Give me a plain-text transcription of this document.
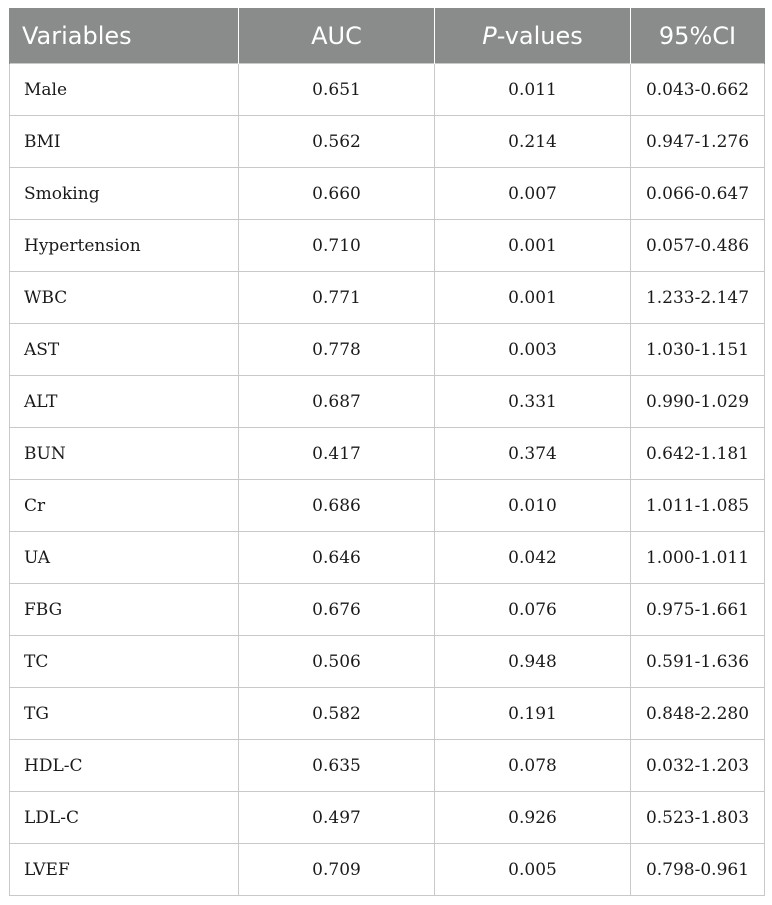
Variables	AUC	P-values	95%CI
Male	0.651	0.011	0.043-0.662
BMI	0.562	0.214	0.947-1.276
Smoking	0.660	0.007	0.066-0.647
Hypertension	0.710	0.001	0.057-0.486
WBC	0.771	0.001	1.233-2.147
AST	0.778	0.003	1.030-1.151
ALT	0.687	0.331	0.990-1.029
BUN	0.417	0.374	0.642-1.181
Cr	0.686	0.010	1.011-1.085
UA	0.646	0.042	1.000-1.011
FBG	0.676	0.076	0.975-1.661
TC	0.506	0.948	0.591-1.636
TG	0.582	0.191	0.848-2.280
HDL-C	0.635	0.078	0.032-1.203
LDL-C	0.497	0.926	0.523-1.803
LVEF	0.709	0.005	0.798-0.961
